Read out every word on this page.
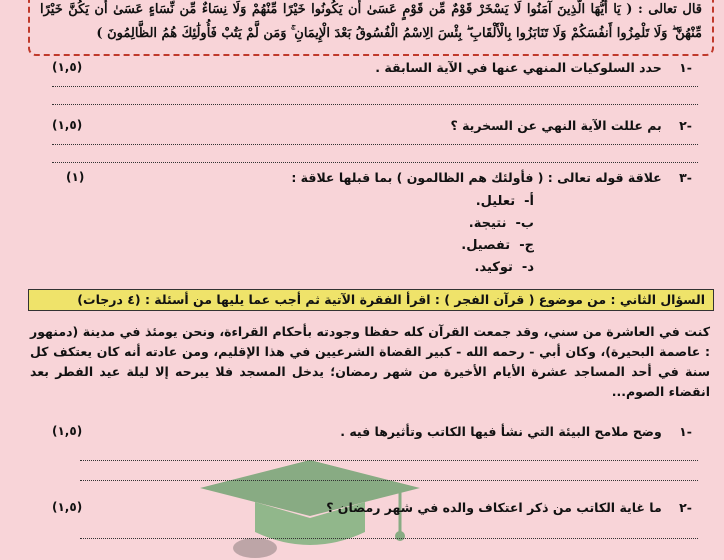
قال تعالى : ( يَا أَيُّهَا الَّذِينَ آمَنُوا لَا يَسْخَرْ قَوْمٌ مِّن قَوْمٍ عَسَىٰ أَن يَكُونُوا خَيْرًا مِّنْهُمْ وَلَا نِسَاءٌ مِّن نِّسَاءٍ عَسَىٰ أَن يَكُنَّ خَيْرًا مِّنْهُنَّ ۖ وَلَا تَلْمِزُوا أَنفُسَكُمْ وَلَا تَنَابَزُوا بِالْأَلْقَابِ ۖ بِئْسَ الِاسْمُ الْفُسُوقُ بَعْدَ الْإِيمَانِ ۚ وَمَن لَّمْ يَتُبْ فَأُولَٰئِكَ هُمُ الظَّالِمُونَ )
-١    حدد السلوكيات المنهي عنها في الآية السابقة .
(١,٥)
-٢    بم عللت الآية النهي عن السخرية ؟
(١,٥)
-٣    علاقة قوله تعالى : ( فأولئك هم الظالمون ) بما قبلها علاقة :
(١)
أ-  تعليل.
ب-  نتيجة.
ج-  تفصيل.
د-  توكيد.
السؤال الثاني : من موضوع ( قرآن الفجر ) : اقرأ الفقرة الآتية ثم أجب عما يليها من أسئلة : (٤ درجات)
كنت في العاشرة من سني، وقد جمعت القرآن كله حفظا وجودته بأحكام القراءة، ونحن يومئذ في مدينة (دمنهور : عاصمة البحيرة)، وكان أبي - رحمه الله - كبير القضاة الشرعيين في هذا الإقليم، ومن عادته أنه كان يعتكف كل سنة في أحد المساجد عشرة الأيام الأخيرة من شهر رمضان؛ يدخل المسجد فلا يبرحه إلا ليلة عيد الفطر بعد انقضاء الصوم...
-١    وضح ملامح البيئة التي نشأ فيها الكاتب وتأثيرها فيه .
(١,٥)
-٢    ما غاية الكاتب من ذكر اعتكاف والده في شهر رمضان ؟
(١,٥)
